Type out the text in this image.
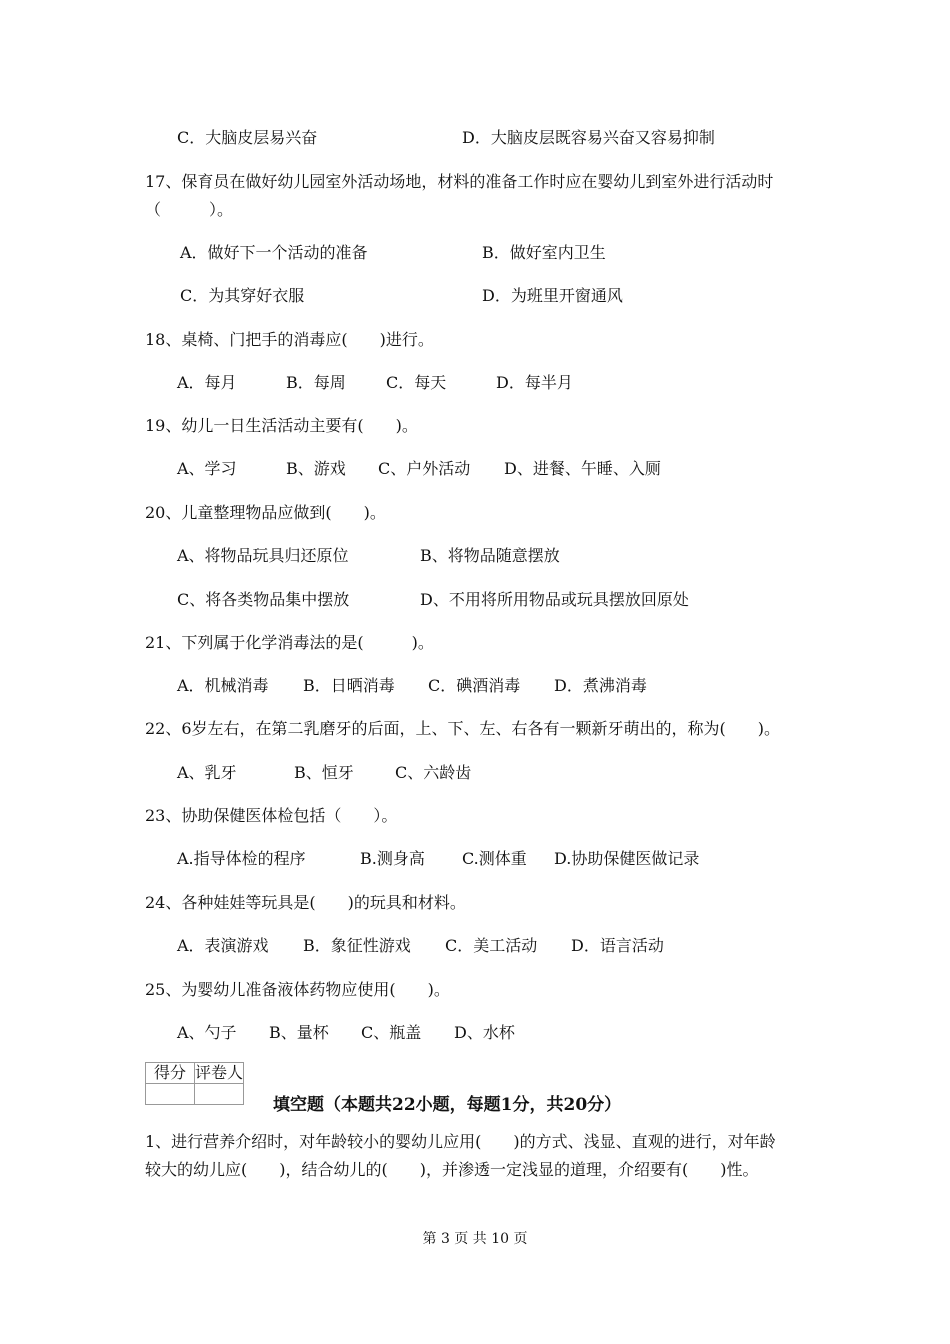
C．大脑皮层易兴奋	D．大脑皮层既容易兴奋又容易抑制
17、保育员在做好幼儿园室外活动场地，材料的准备工作时应在婴幼儿到室外进行活动时
（　　　）。
A．做好下一个活动的准备	B．做好室内卫生
C．为其穿好衣服	D．为班里开窗通风
18、桌椅、门把手的消毒应(　　)进行。
A．每月	B．每周	C．每天	D．每半月
19、幼儿一日生活活动主要有(　　)。
A、学习	B、游戏 C、户外活动 D、进餐、午睡、入厕
20、儿童整理物品应做到(　　)。
A、将物品玩具归还原位	B、将物品随意摆放
C、将各类物品集中摆放	D、不用将所用物品或玩具摆放回原处
21、下列属于化学消毒法的是(　　　)。
A．机械消毒 B．日晒消毒 C．碘酒消毒 D．煮沸消毒
22、6岁左右，在第二乳磨牙的后面，上、下、左、右各有一颗新牙萌出的，称为(　　)。
A、乳牙	B、恒牙	C、六龄齿
23、协助保健医体检包括（　　）。
A.指导体检的程序	B.测身高 C.测体重 D.协助保健医做记录
24、各种娃娃等玩具是(　　)的玩具和材料。
A．表演游戏 B．象征性游戏 C．美工活动 D．语言活动
25、为婴幼儿准备液体药物应使用(　　)。
A、勺子 B、量杯 C、瓶盖 D、水杯
得分	评卷人

填空题（本题共22小题，每题1分，共20分）
1、进行营养介绍时，对年龄较小的婴幼儿应用(　　)的方式、浅显、直观的进行，对年龄
较大的幼儿应(　　)，结合幼儿的(　　)，并渗透一定浅显的道理，介绍要有(　　)性。
第 3 页 共 10 页
